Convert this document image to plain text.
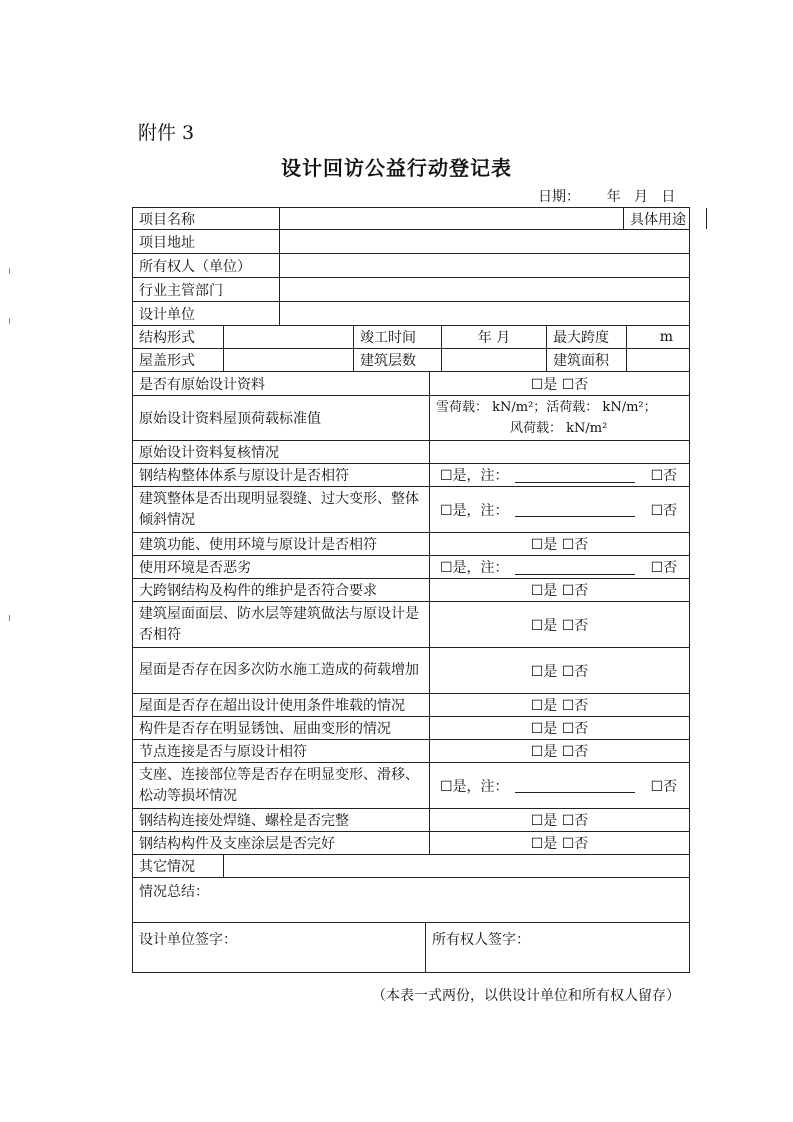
附件 3
设计回访公益行动登记表
日期：      年   月   日
项目名称	具体用途
项目地址
所有权人（单位）
行业主管部门
设计单位
结构形式	竣工时间	年 月	最大跨度	m
屋盖形式	建筑层数	建筑面积
是否有原始设计资料	☐是 ☐否
原始设计资料屋顶荷载标准值
雪荷载： kN/m²；活荷载： kN/m²；
风荷载： kN/m²
原始设计资料复核情况
钢结构整体体系与原设计是否相符	☐是，注：	☐否
建筑整体是否出现明显裂缝、过大变形、整体倾斜情况
☐是，注：	☐否
建筑功能、使用环境与原设计是否相符	☐是 ☐否
使用环境是否恶劣	☐是，注：	☐否
大跨钢结构及构件的维护是否符合要求	☐是 ☐否
建筑屋面面层、防水层等建筑做法与原设计是否相符
☐是 ☐否
屋面是否存在因多次防水施工造成的荷载增加	☐是 ☐否
屋面是否存在超出设计使用条件堆载的情况	☐是 ☐否
构件是否存在明显锈蚀、屈曲变形的情况	☐是 ☐否
节点连接是否与原设计相符	☐是 ☐否
支座、连接部位等是否存在明显变形、滑移、松动等损坏情况
☐是，注：	☐否
钢结构连接处焊缝、螺栓是否完整	☐是 ☐否
钢结构构件及支座涂层是否完好	☐是 ☐否
其它情况
情况总结：
设计单位签字：	所有权人签字：
（本表一式两份，以供设计单位和所有权人留存）
